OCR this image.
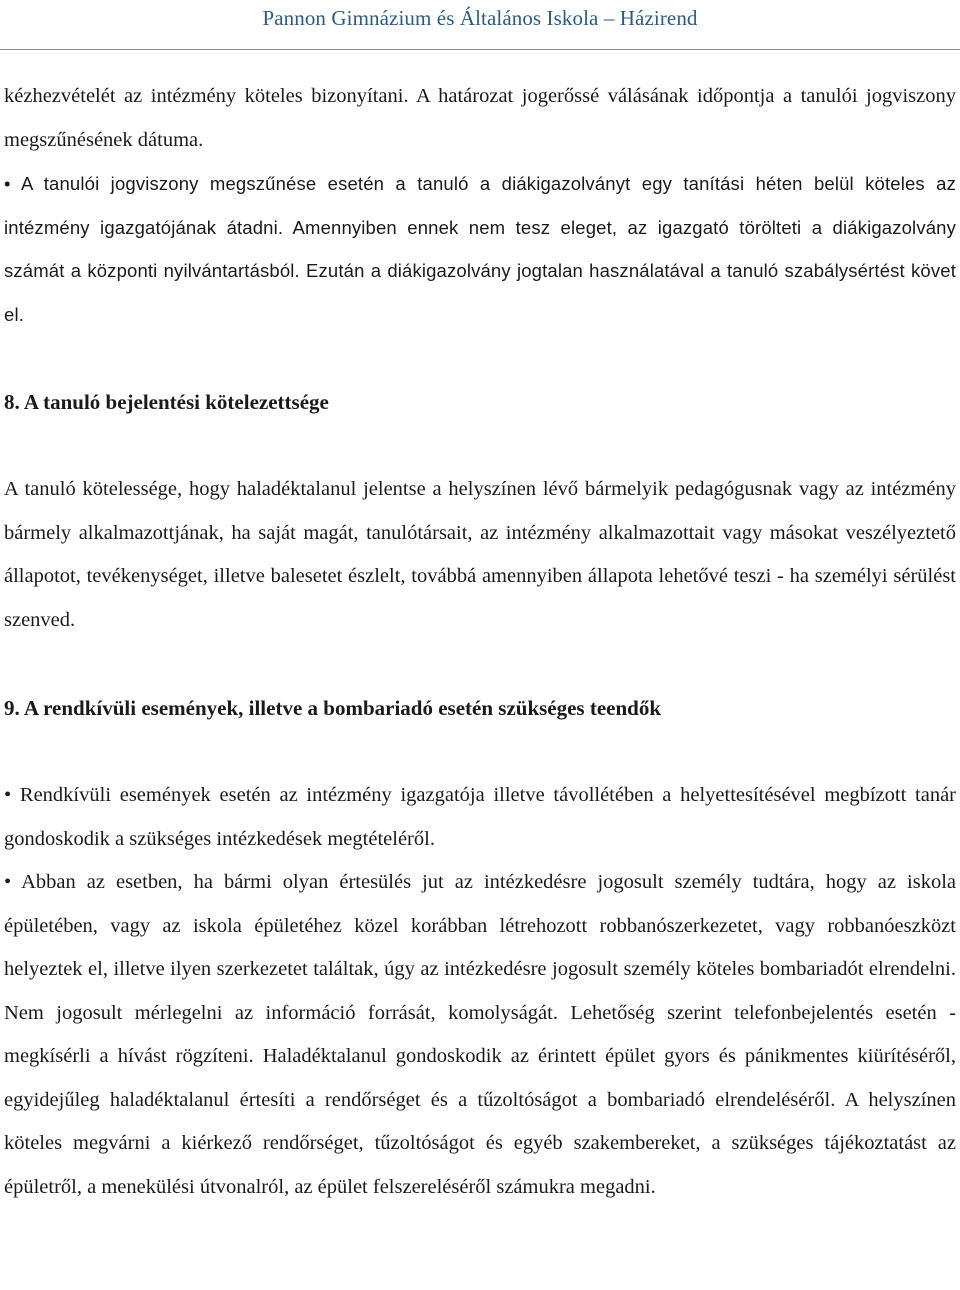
Pannon Gimnázium és Általános Iskola – Házirend

kézhezvételét az intézmény köteles bizonyítani. A határozat jogerőssé válásának időpontja a tanulói jogviszony megszűnésének dátuma.

• A tanulói jogviszony megszűnése esetén a tanuló a diákigazolványt egy tanítási héten belül köteles az intézmény igazgatójának átadni. Amennyiben ennek nem tesz eleget, az igazgató törölteti a diákigazolvány számát a központi nyilvántartásból. Ezután a diákigazolvány jogtalan használatával a tanuló szabálysértést követ el.

8. A tanuló bejelentési kötelezettsége

A tanuló kötelessége, hogy haladéktalanul jelentse a helyszínen lévő bármelyik pedagógusnak vagy az intézmény bármely alkalmazottjának, ha saját magát, tanulótársait, az intézmény alkalmazottait vagy másokat veszélyeztető állapotot, tevékenységet, illetve balesetet észlelt, továbbá amennyiben állapota lehetővé teszi - ha személyi sérülést szenved.

9. A rendkívüli események, illetve a bombariadó esetén szükséges teendők

• Rendkívüli események esetén az intézmény igazgatója illetve távollétében a helyettesítésével megbízott tanár gondoskodik a szükséges intézkedések megtételéről.

• Abban az esetben, ha bármi olyan értesülés jut az intézkedésre jogosult személy tudtára, hogy az iskola épületében, vagy az iskola épületéhez közel korábban létrehozott robbanószerkezetet, vagy robbanóeszközt helyeztek el, illetve ilyen szerkezetet találtak, úgy az intézkedésre jogosult személy köteles bombariadót elrendelni. Nem jogosult mérlegelni az információ forrását, komolyságát. Lehetőség szerint telefonbejelentés esetén - megkísérli a hívást rögzíteni. Haladéktalanul gondoskodik az érintett épület gyors és pánikmentes kiürítéséről, egyidejűleg haladéktalanul értesíti a rendőrséget és a tűzoltóságot a bombariadó elrendeléséről. A helyszínen köteles megvárni a kiérkező rendőrséget, tűzoltóságot és egyéb szakembereket, a szükséges tájékoztatást az épületről, a menekülési útvonalról, az épület felszereléséről számukra megadni.
